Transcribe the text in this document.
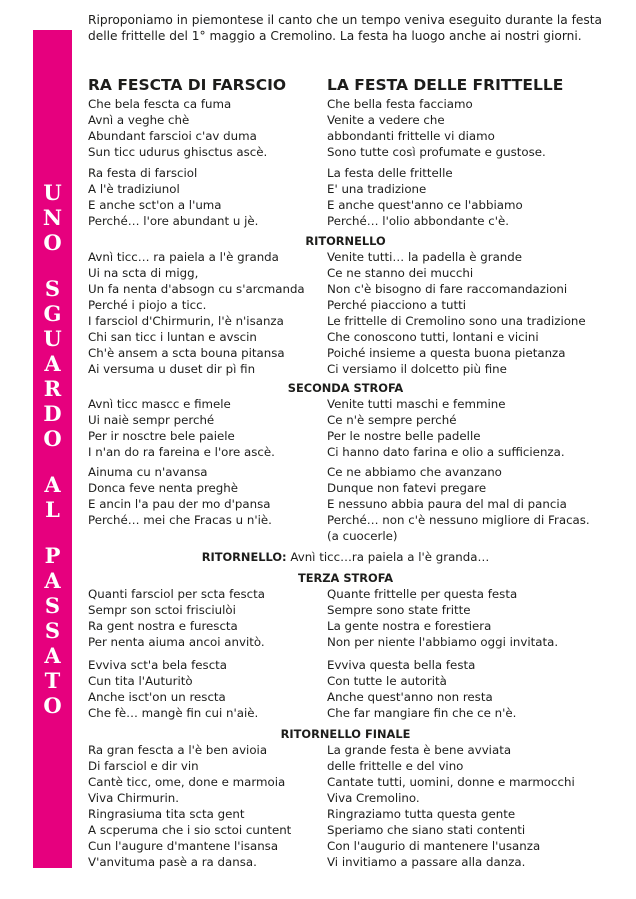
U
N
O
S
G
U
A
R
D
O
A
L
P
A
S
S
A
T
O
Riproponiamo in piemontese il canto che un tempo veniva eseguito durante la festa delle frittelle del 1° maggio a Cremolino. La festa ha luogo anche ai nostri giorni.
RA FESCTA DI FARSCIO	LA FESTA DELLE FRITTELLE
Che bela fescta ca fuma
Avnì a veghe chè
Abundant farscioi c'av duma
Sun ticc udurus ghisctus ascè.
Che bella festa facciamo
Venite a vedere che
abbondanti frittelle vi diamo
Sono tutte così profumate e gustose.
Ra festa di farsciol
A l'è tradiziunol
E anche sct'on a l'uma
Perché… l'ore abundant u jè.
La festa delle frittelle
E' una tradizione
E anche quest'anno ce l'abbiamo
Perché… l'olio abbondante c'è.
RITORNELLO
Avnì ticc… ra paiela a l'è granda
Ui na scta di migg,
Un fa nenta d'absogn cu s'arcmanda
Perché i piojo a ticc.
I farsciol d'Chirmurin, l'è n'isanza
Chi san ticc i luntan e avscin
Ch'è ansem a scta bouna pitansa
Ai versuma u duset dir pì fin
Venite tutti… la padella è grande
Ce ne stanno dei mucchi
Non c'è bisogno di fare raccomandazioni
Perché piacciono a tutti
Le frittelle di Cremolino sono una tradizione
Che conoscono tutti, lontani e vicini
Poiché insieme a questa buona pietanza
Ci versiamo il dolcetto più fine
SECONDA STROFA
Avnì ticc mascc e fimele
Ui naiè sempr perché
Per ir nosctre bele paiele
I n'an do ra fareina e l'ore ascè.
Venite tutti maschi e femmine
Ce n'è sempre perché
Per le nostre belle padelle
Ci hanno dato farina e olio a sufficienza.
Ainuma cu n'avansa
Donca feve nenta preghè
E ancin l'a pau der mo d'pansa
Perché… mei che Fracas u n'iè.
Ce ne abbiamo che avanzano
Dunque non fatevi pregare
E nessuno abbia paura del mal di pancia
Perché… non c'è nessuno migliore di Fracas.
(a cuocerle)
RITORNELLO: Avnì ticc…ra paiela a l'è granda…
TERZA STROFA
Quanti farsciol per scta fescta
Sempr son sctoi frisciulòi
Ra gent nostra e furescta
Per nenta aiuma ancoi anvitò.
Quante frittelle per questa festa
Sempre sono state fritte
La gente nostra e forestiera
Non per niente l'abbiamo oggi invitata.
Evviva sct'a bela fescta
Cun tita l'Auturitò
Anche isct'on un rescta
Che fè… mangè fin cui n'aiè.
Evviva questa bella festa
Con tutte le autorità
Anche quest'anno non resta
Che far mangiare fin che ce n'è.
RITORNELLO FINALE
Ra gran fescta a l'è ben avioia
Di farsciol e dir vin
Cantè ticc, ome, done e marmoia
Viva Chirmurin.
Ringrasiuma tita scta gent
A scperuma che i sio sctoi cuntent
Cun l'augure d'mantene l'isansa
V'anvituma pasè a ra dansa.
La grande festa è bene avviata
delle frittelle e del vino
Cantate tutti, uomini, donne e marmocchi
Viva Cremolino.
Ringraziamo tutta questa gente
Speriamo che siano stati contenti
Con l'augurio di mantenere l'usanza
Vi invitiamo a passare alla danza.
